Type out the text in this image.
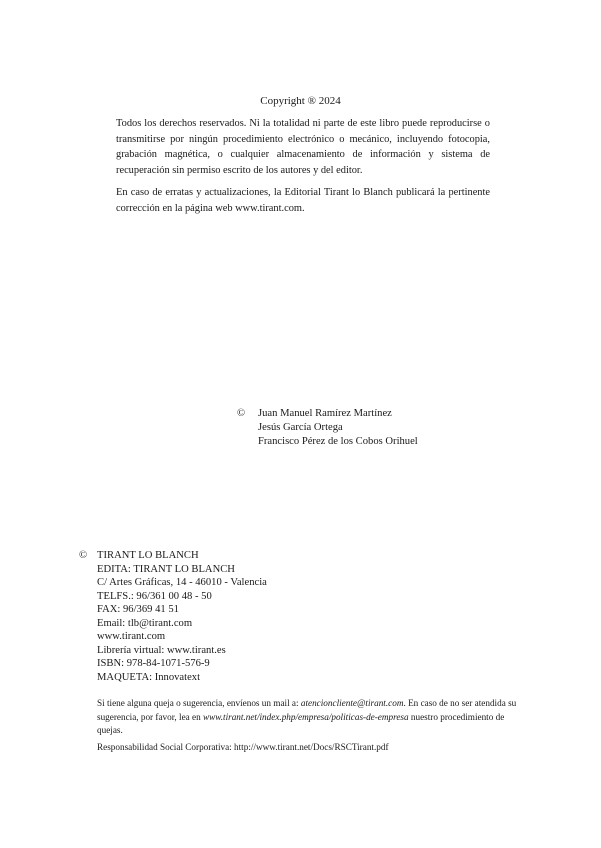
Copyright ® 2024

Todos los derechos reservados. Ni la totalidad ni parte de este libro puede reproducirse o transmitirse por ningún procedimiento electrónico o mecánico, incluyendo fotocopia, grabación magnética, o cualquier almacenamiento de información y sistema de recuperación sin permiso escrito de los autores y del editor.

En caso de erratas y actualizaciones, la Editorial Tirant lo Blanch publicará la pertinente corrección en la página web www.tirant.com.

© Juan Manuel Ramírez Martínez
Jesús García Ortega
Francisco Pérez de los Cobos Orihuel
© TIRANT LO BLANCH
EDITA: TIRANT LO BLANCH
C/ Artes Gráficas, 14 - 46010 - Valencia
TELFS.: 96/361 00 48 - 50
FAX: 96/369 41 51
Email: tlb@tirant.com
www.tirant.com
Librería virtual: www.tirant.es
ISBN: 978-84-1071-576-9
MAQUETA: Innovatext
Si tiene alguna queja o sugerencia, envíenos un mail a: atencioncliente@tirant.com. En caso de no ser atendida su sugerencia, por favor, lea en www.tirant.net/index.php/empresa/politicas-de-empresa nuestro procedimiento de quejas.
Responsabilidad Social Corporativa: http://www.tirant.net/Docs/RSCTirant.pdf
